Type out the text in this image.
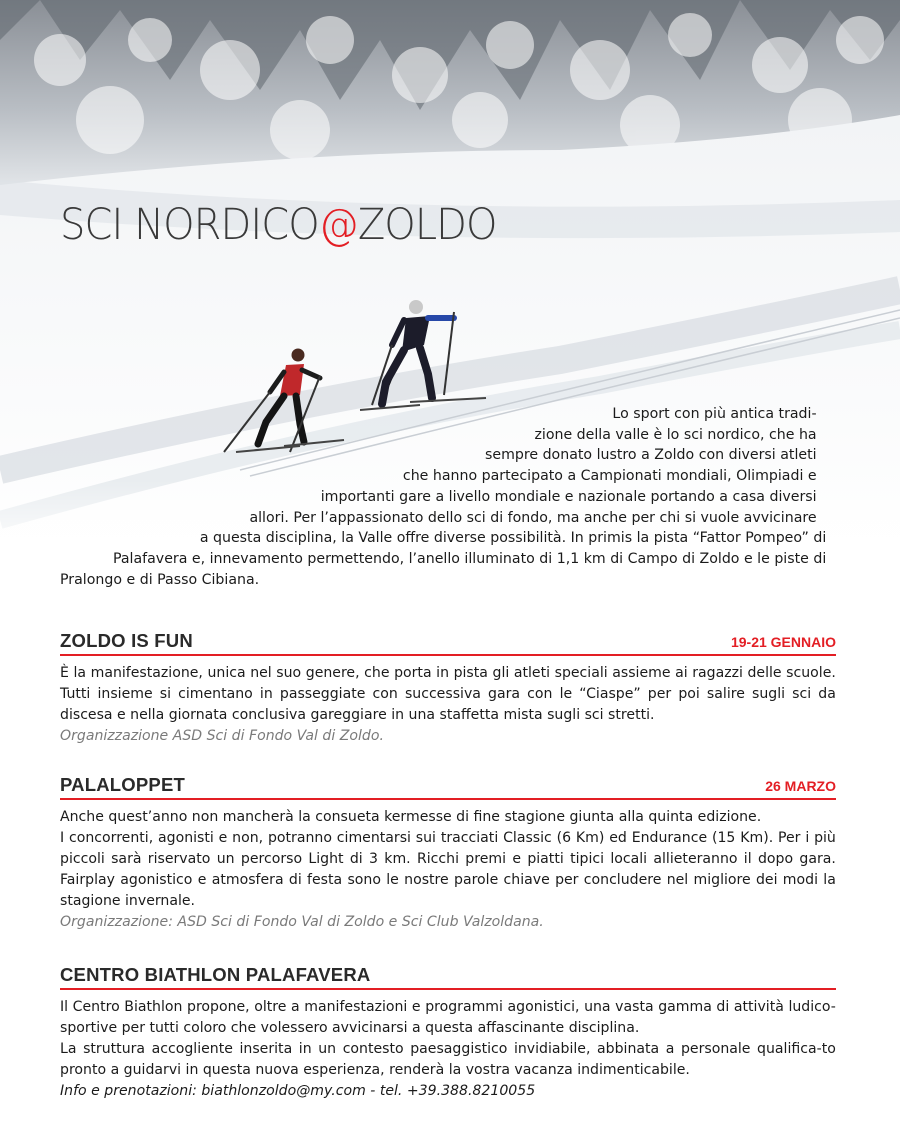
SCI NORDICO@ZOLDO
Lo sport con più antica tradi-
zione della valle è lo sci nordico, che ha
sempre donato lustro a Zoldo con diversi atleti
che hanno partecipato a Campionati mondiali, Olimpiadi e
importanti gare a livello mondiale e nazionale portando a casa diversi
allori. Per l’appassionato dello sci di fondo, ma anche per chi si vuole avvicinare
a questa disciplina, la Valle offre diverse possibilità. In primis la pista “Fattor Pompeo” di
Palafavera e, innevamento permettendo, l’anello illuminato di 1,1 km di Campo di Zoldo e le piste di
Pralongo e di Passo Cibiana.
ZOLDO IS FUN	19-21 GENNAIO

È la manifestazione, unica nel suo genere, che porta in pista gli atleti speciali assieme ai ragazzi delle scuole. Tutti insieme si cimentano in passeggiate con successiva gara con le “Ciaspe” per poi salire sugli sci da discesa e nella giornata conclusiva gareggiare in una staffetta mista sugli sci stretti.

Organizzazione ASD Sci di Fondo Val di Zoldo.

PALALOPPET	26 MARZO

Anche quest’anno non mancherà la consueta kermesse di fine stagione giunta alla quinta edizione.

I concorrenti, agonisti e non, potranno cimentarsi sui tracciati Classic (6 Km) ed Endurance (15 Km). Per i più piccoli sarà riservato un percorso Light di 3 km. Ricchi premi e piatti tipici locali allieteranno il dopo gara. Fairplay agonistico e atmosfera di festa sono le nostre parole chiave per concludere nel migliore dei modi la stagione invernale.

Organizzazione: ASD Sci di Fondo Val di Zoldo e Sci Club Valzoldana.

CENTRO BIATHLON PALAFAVERA

Il Centro Biathlon propone, oltre a manifestazioni e programmi agonistici, una vasta gamma di attività ludico-sportive per tutti coloro che volessero avvicinarsi a questa affascinante disciplina.

La struttura accogliente inserita in un contesto paesaggistico invidiabile, abbinata a personale qualifica-to pronto a guidarvi in questa nuova esperienza, renderà la vostra vacanza indimenticabile.

Info e prenotazioni: biathlonzoldo@my.com - tel. +39.388.8210055
